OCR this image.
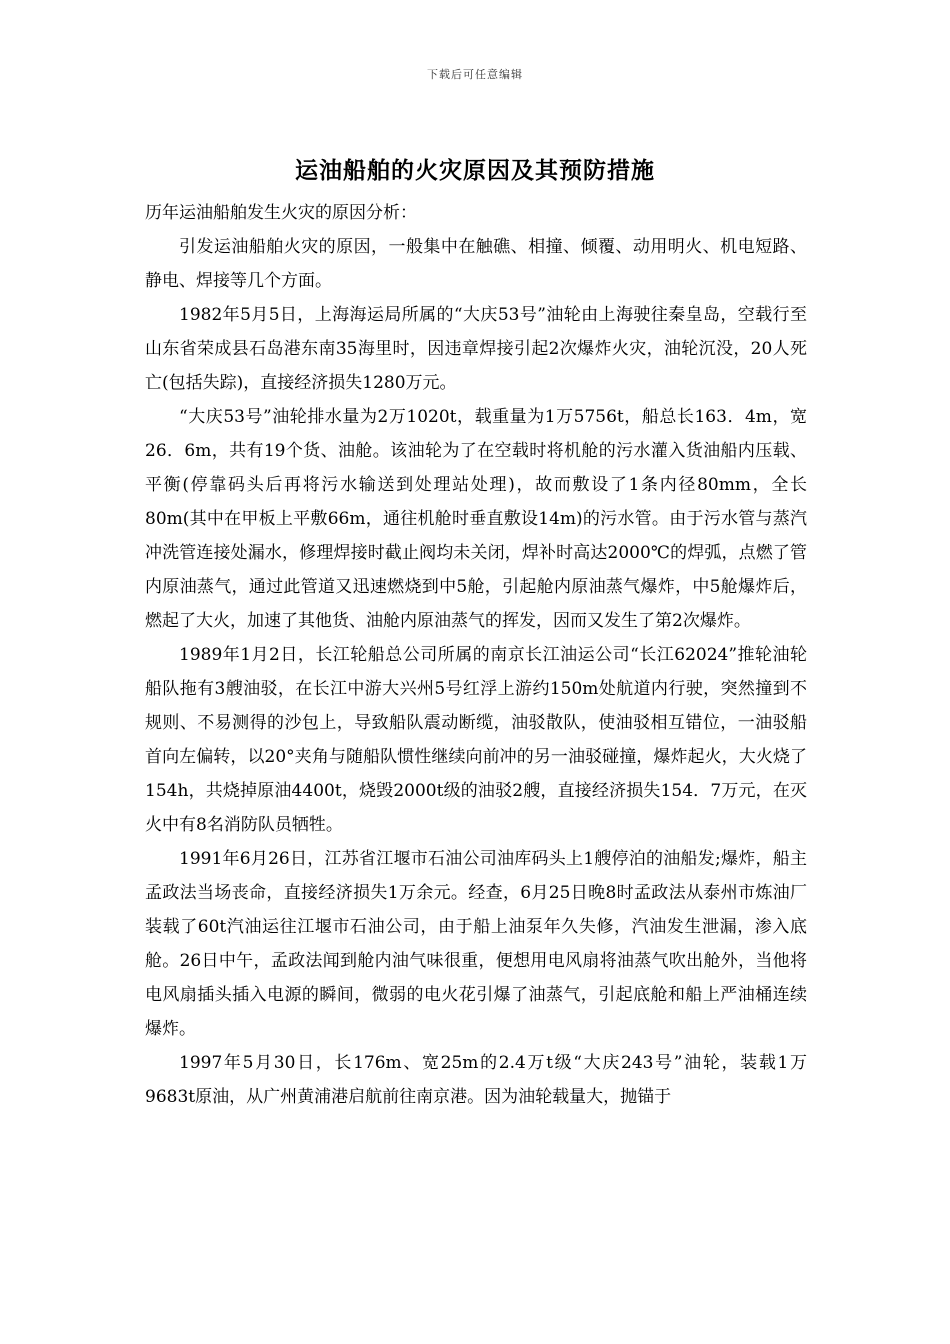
下载后可任意编辑
运油船舶的火灾原因及其预防措施

历年运油船舶发生火灾的原因分析：

引发运油船舶火灾的原因，一般集中在触礁、相撞、倾覆、动用明火、机电短路、静电、焊接等几个方面。

1982年5月5日，上海海运局所属的“大庆53号”油轮由上海驶往秦皇岛，空载行至山东省荣成县石岛港东南35海里时，因违章焊接引起2次爆炸火灾，油轮沉没，20人死亡(包括失踪)，直接经济损失1280万元。

“大庆53号”油轮排水量为2万1020t，载重量为1万5756t，船总长163．4m，宽26．6m，共有19个货、油舱。该油轮为了在空载时将机舱的污水灌入货油船内压载、平衡(停靠码头后再将污水输送到处理站处理)，故而敷设了1条内径80mm，全长80m(其中在甲板上平敷66m，通往机舱时垂直敷设14m)的污水管。由于污水管与蒸汽冲洗管连接处漏水，修理焊接时截止阀均未关闭，焊补时高达2000℃的焊弧，点燃了管内原油蒸气，通过此管道又迅速燃烧到中5舱，引起舱内原油蒸气爆炸，中5舱爆炸后，燃起了大火，加速了其他货、油舱内原油蒸气的挥发，因而又发生了第2次爆炸。

1989年1月2日，长江轮船总公司所属的南京长江油运公司“长江62024”推轮油轮船队拖有3艘油驳，在长江中游大兴州5号红浮上游约150m处航道内行驶，突然撞到不规则、不易测得的沙包上，导致船队震动断缆，油驳散队，使油驳相互错位，一油驳船首向左偏转，以20°夹角与随船队惯性继续向前冲的另一油驳碰撞，爆炸起火，大火烧了154h，共烧掉原油4400t，烧毁2000t级的油驳2艘，直接经济损失154．7万元，在灭火中有8名消防队员牺牲。

1991年6月26日，江苏省江堰市石油公司油库码头上1艘停泊的油船发;爆炸，船主孟政法当场丧命，直接经济损失1万余元。经查，6月25日晚8时孟政法从泰州市炼油厂装载了60t汽油运往江堰市石油公司，由于船上油泵年久失修，汽油发生泄漏，渗入底舱。26日中午，孟政法闻到舱内油气味很重，便想用电风扇将油蒸气吹出舱外，当他将电风扇插头插入电源的瞬间，微弱的电火花引爆了油蒸气，引起底舱和船上严油桶连续爆炸。

1997年5月30日，长176m、宽25m的2.4万t级“大庆243号”油轮，装载1万9683t原油，从广州黄浦港启航前往南京港。因为油轮载量大，抛锚于
